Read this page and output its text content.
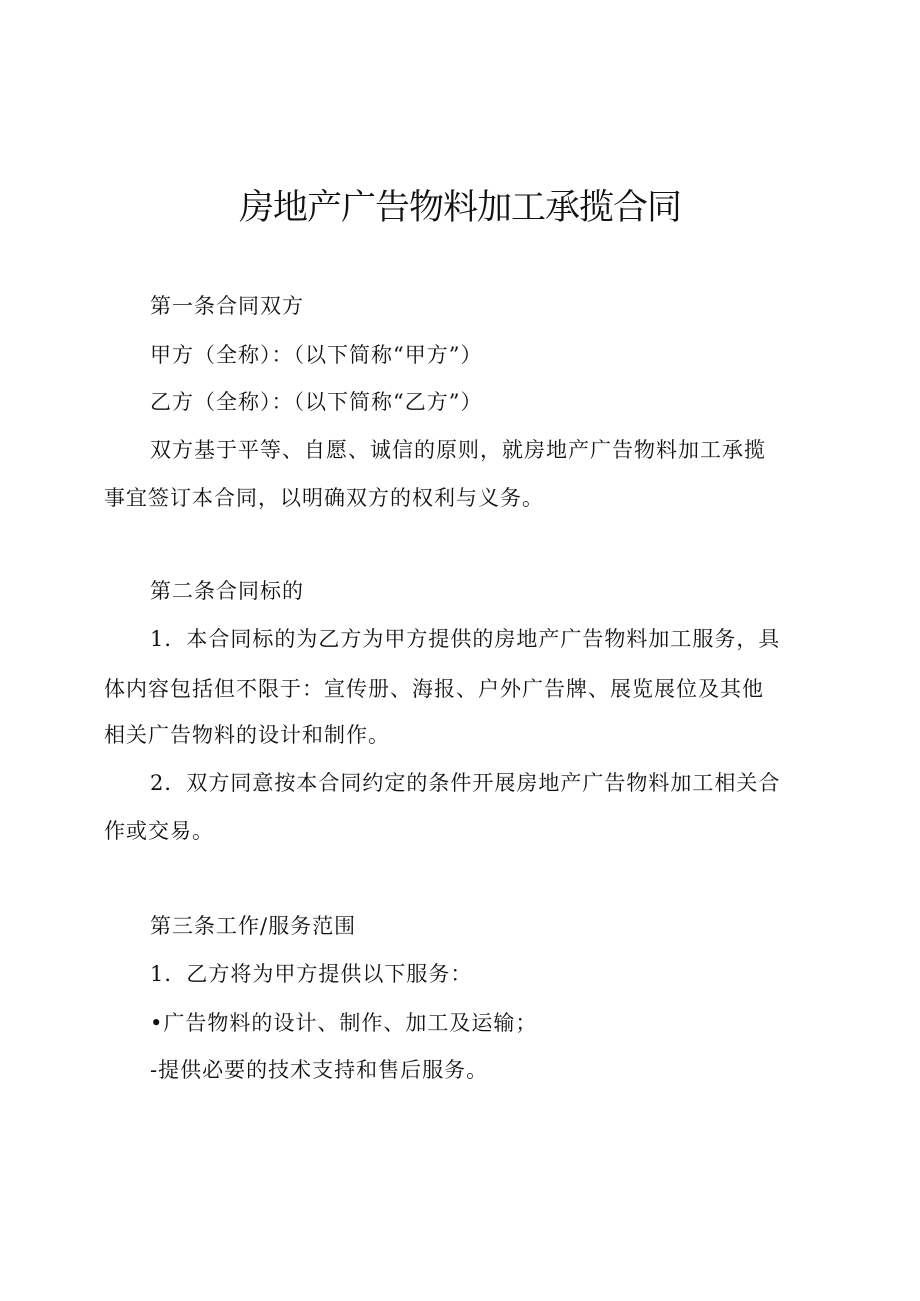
房地产广告物料加工承揽合同
第一条合同双方
甲方（全称）：（以下简称“甲方”）
乙方（全称）：（以下简称“乙方”）
双方基于平等、自愿、诚信的原则，就房地产广告物料加工承揽
事宜签订本合同，以明确双方的权利与义务。
第二条合同标的
1．本合同标的为乙方为甲方提供的房地产广告物料加工服务，具
体内容包括但不限于：宣传册、海报、户外广告牌、展览展位及其他
相关广告物料的设计和制作。
2．双方同意按本合同约定的条件开展房地产广告物料加工相关合
作或交易。
第三条工作/服务范围
1．乙方将为甲方提供以下服务：
•广告物料的设计、制作、加工及运输；
-提供必要的技术支持和售后服务。
